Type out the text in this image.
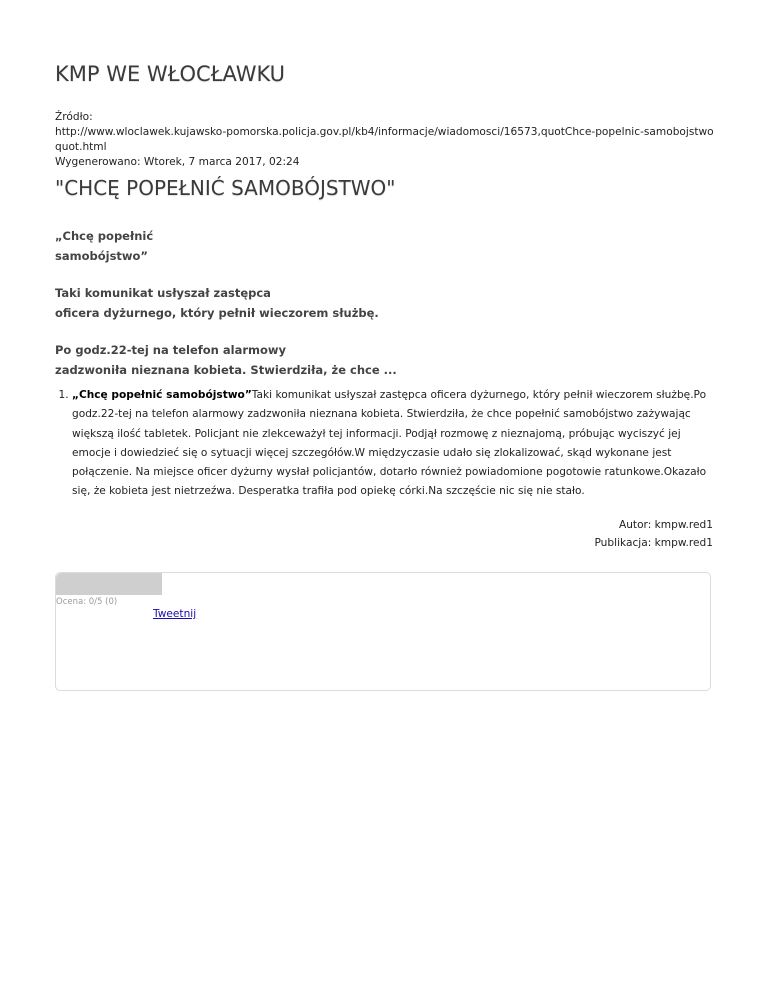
KMP WE WŁOCŁAWKU
Źródło:
http://www.wloclawek.kujawsko-pomorska.policja.gov.pl/kb4/informacje/wiadomosci/16573,quotChce-popelnic-samobojstwo
quot.html
Wygenerowano: Wtorek, 7 marca 2017, 02:24
"CHCĘ POPEŁNIĆ SAMOBÓJSTWO"

„Chcę popełnić
samobójstwo”

Taki komunikat usłyszał zastępca
oficera dyżurnego, który pełnił wieczorem służbę.

Po godz.22-tej na telefon alarmowy
zadzwoniła nieznana kobieta. Stwierdziła, że chce ...

1. „Chcę popełnić samobójstwo”Taki komunikat usłyszał zastępca oficera dyżurnego, który pełnił wieczorem służbę.Po godz.22-tej na telefon alarmowy zadzwoniła nieznana kobieta. Stwierdziła, że chce popełnić samobójstwo zażywając większą ilość tabletek. Policjant nie zlekceważył tej informacji. Podjął rozmowę z nieznajomą, próbując wyciszyć jej emocje i dowiedzieć się o sytuacji więcej szczegółów.W międzyczasie udało się zlokalizować, skąd wykonane jest połączenie. Na miejsce oficer dyżurny wysłał policjantów, dotarło również powiadomione pogotowie ratunkowe.Okazało się, że kobieta jest nietrzeźwa. Desperatka trafiła pod opiekę córki.Na szczęście nic się nie stało.
Autor: kmpw.red1
Publikacja: kmpw.red1
Ocena: 0/5 (0)
Tweetnij
